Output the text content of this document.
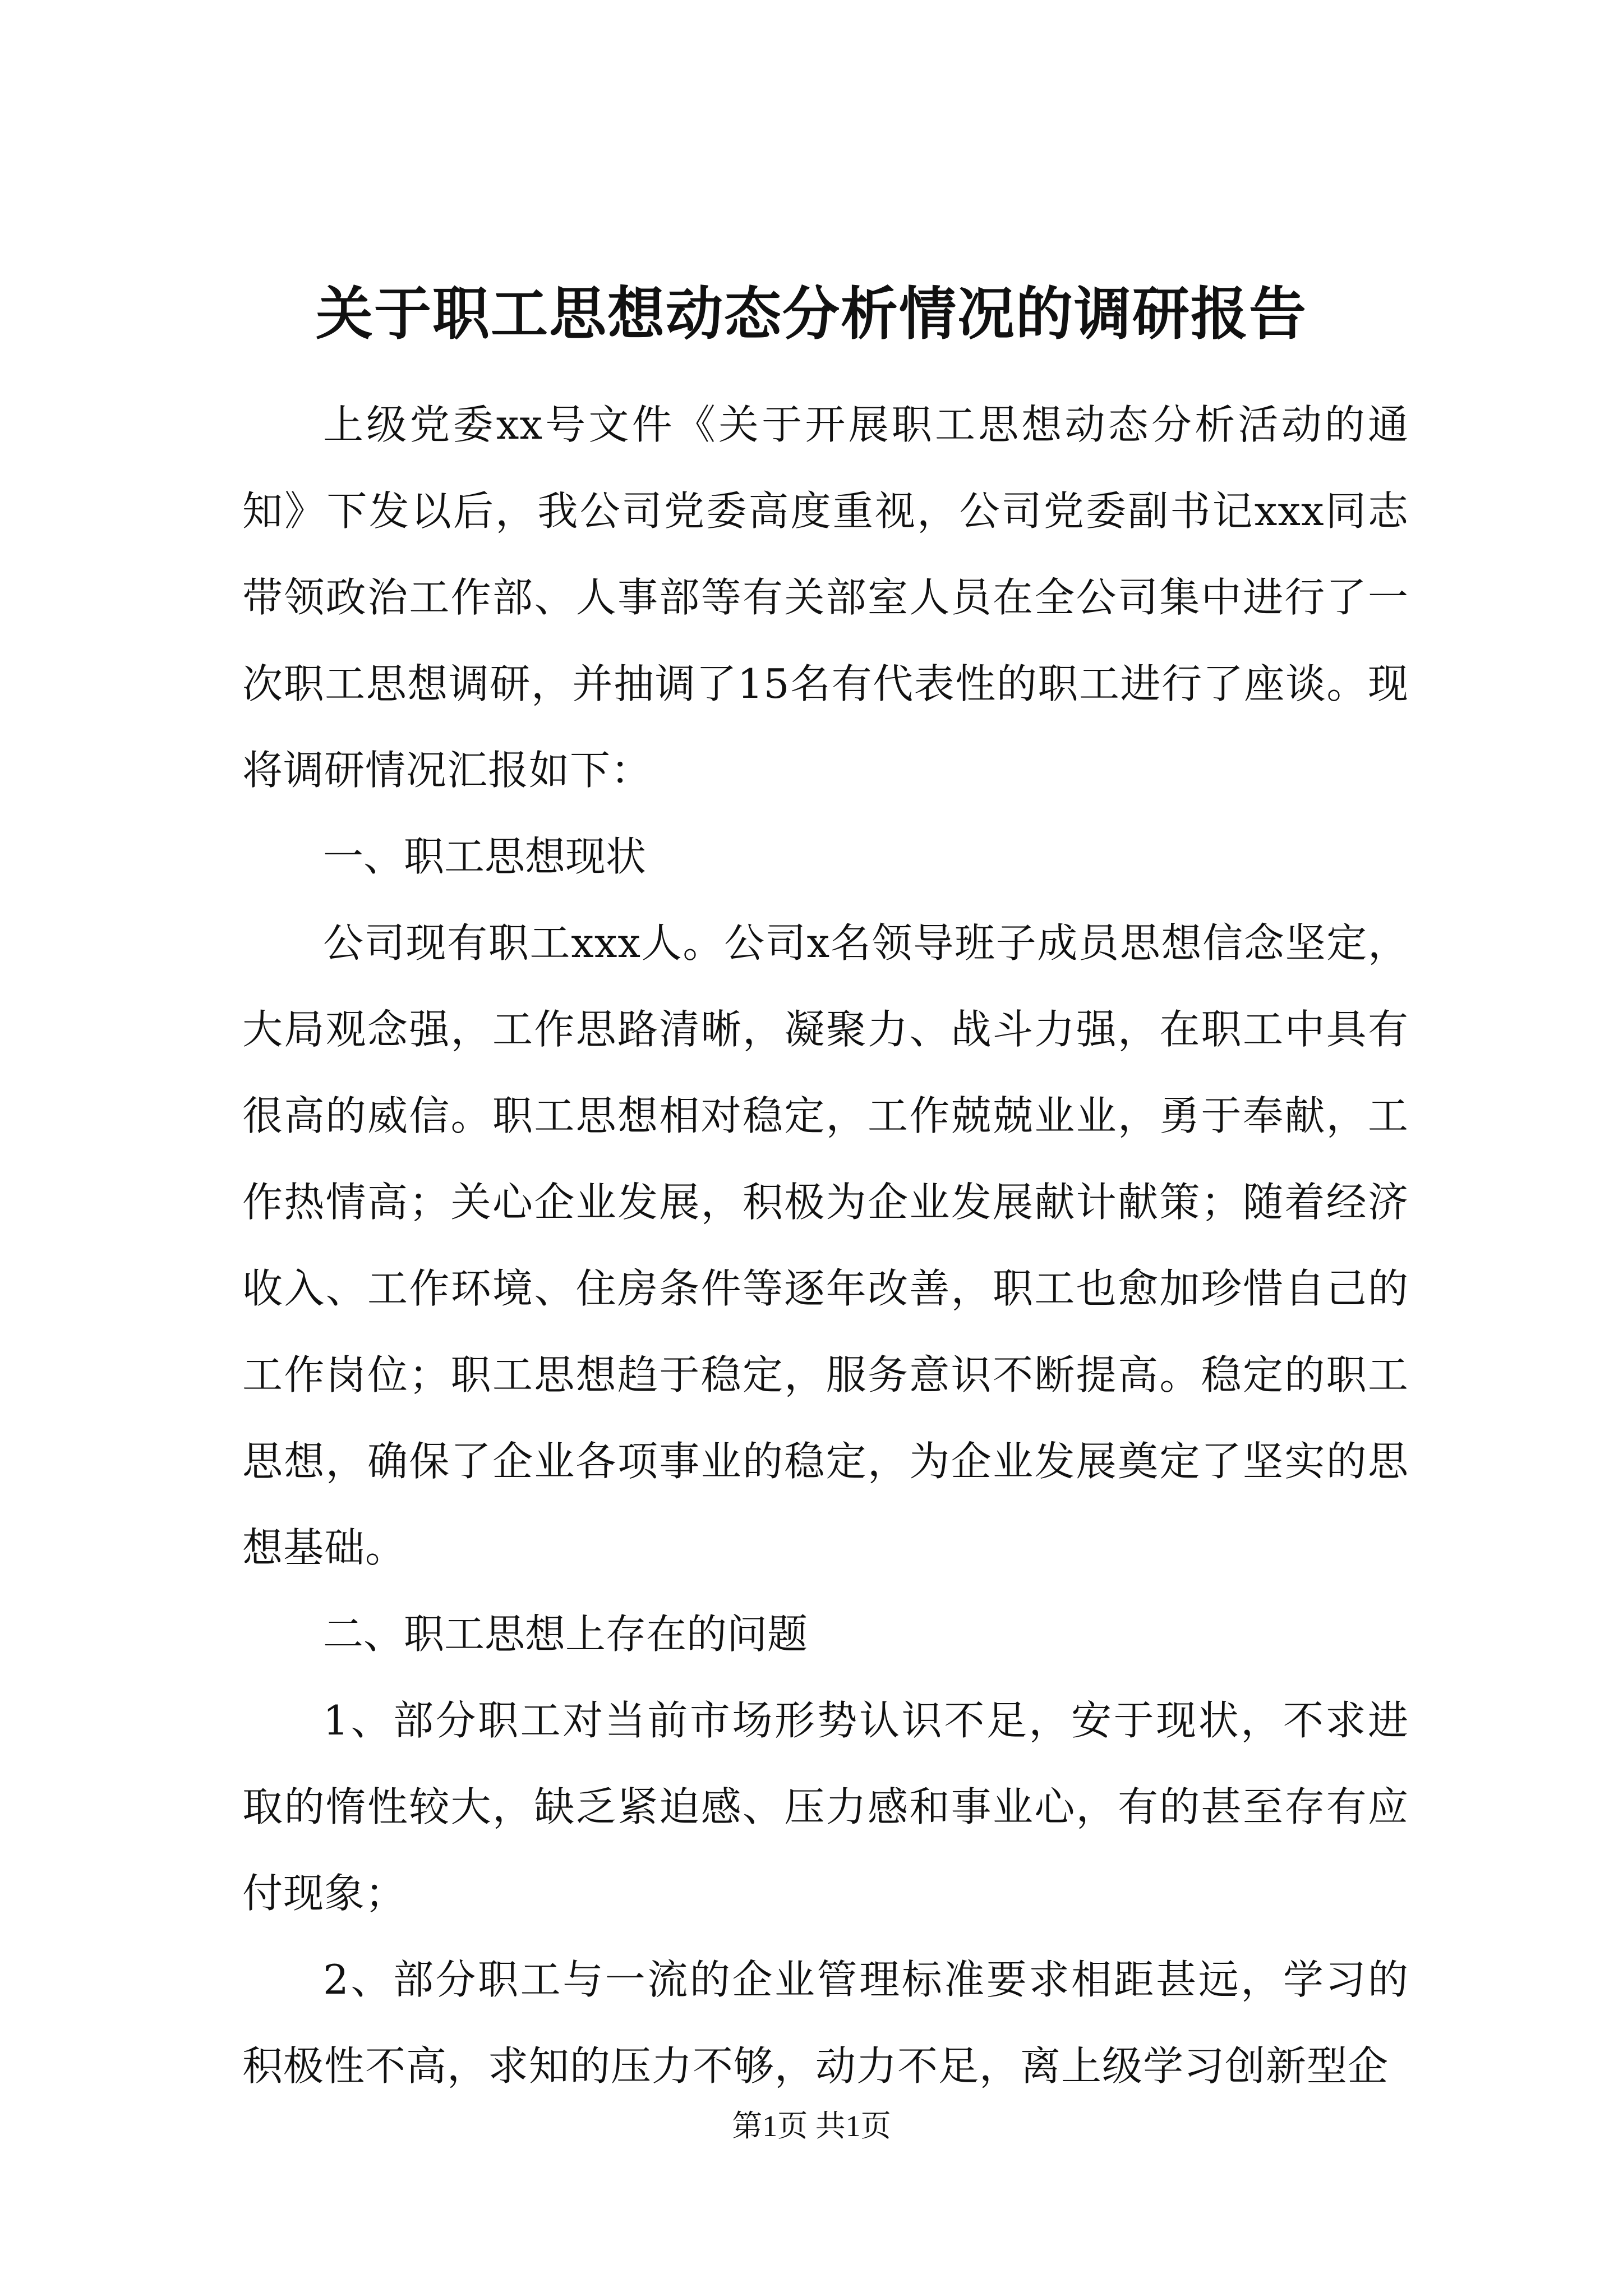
关于职工思想动态分析情况的调研报告

上级党委xx号文件《关于开展职工思想动态分析活动的通知》下发以后，我公司党委高度重视，公司党委副书记xxx同志带领政治工作部、人事部等有关部室人员在全公司集中进行了一次职工思想调研，并抽调了15名有代表性的职工进行了座谈。现将调研情况汇报如下：

一、职工思想现状

公司现有职工xxx人。公司x名领导班子成员思想信念坚定，大局观念强，工作思路清晰，凝聚力、战斗力强，在职工中具有很高的威信。职工思想相对稳定，工作兢兢业业，勇于奉献，工作热情高；关心企业发展，积极为企业发展献计献策；随着经济收入、工作环境、住房条件等逐年改善，职工也愈加珍惜自己的工作岗位；职工思想趋于稳定，服务意识不断提高。稳定的职工思想，确保了企业各项事业的稳定，为企业发展奠定了坚实的思想基础。

二、职工思想上存在的问题

1、部分职工对当前市场形势认识不足，安于现状，不求进取的惰性较大，缺乏紧迫感、压力感和事业心，有的甚至存有应付现象；

2、部分职工与一流的企业管理标准要求相距甚远，学习的积极性不高，求知的压力不够，动力不足，离上级学习创新型企

第1页 共1页
